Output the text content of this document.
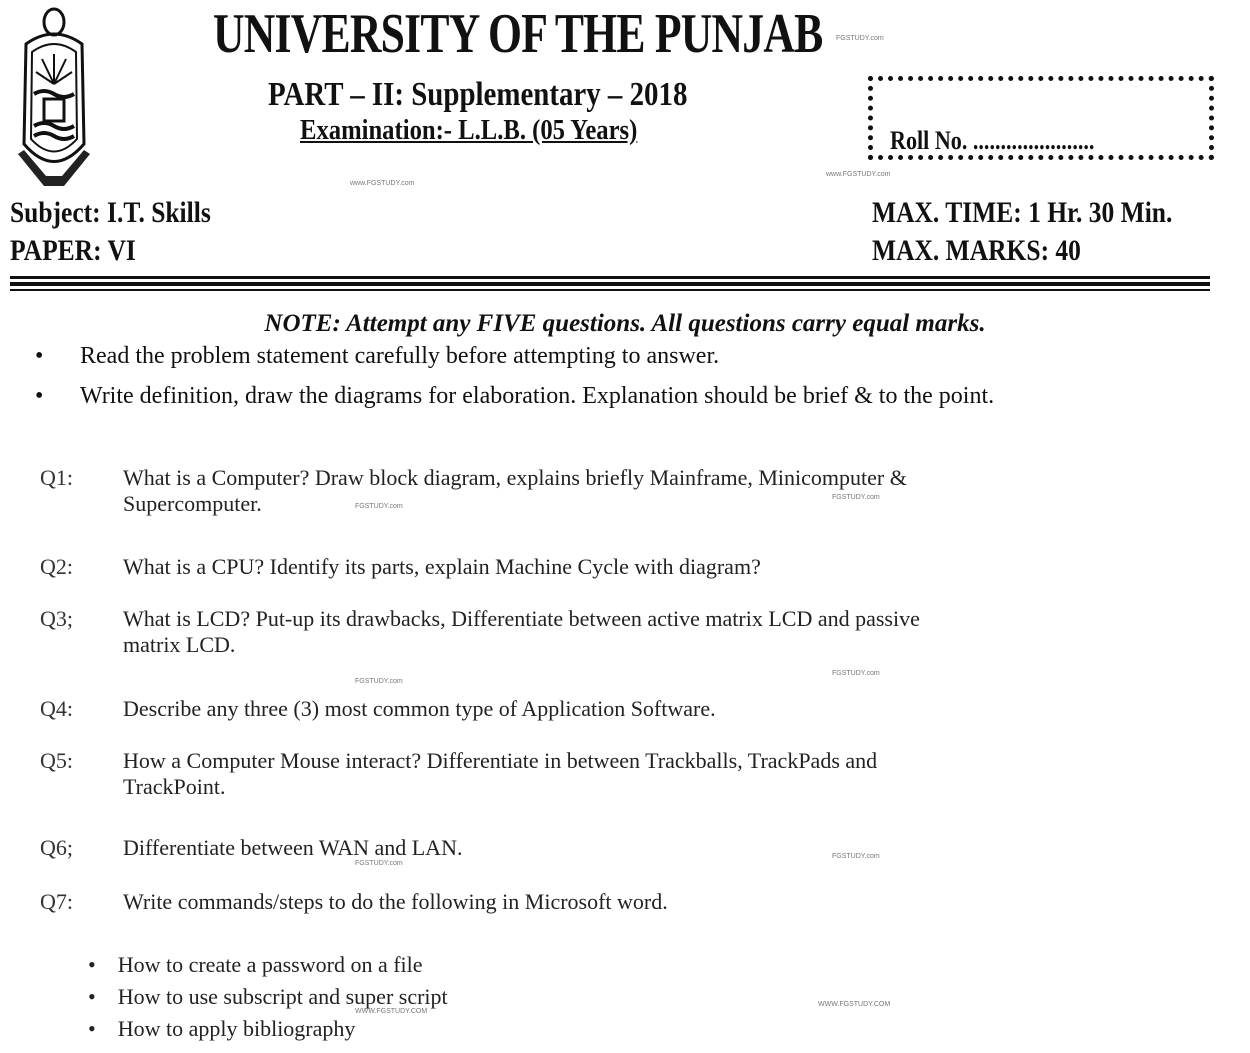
UNIVERSITY OF THE PUNJAB FGSTUDY.com
PART – II: Supplementary – 2018
Examination:- L.L.B. (05 Years)
www.FGSTUDY.com
Roll No. ......................
www.FGSTUDY.com
Subject: I.T. Skills
PAPER: VI
MAX. TIME: 1 Hr. 30 Min.
MAX. MARKS: 40
NOTE: Attempt any FIVE questions. All questions carry equal marks.
• Read the problem statement carefully before attempting to answer.
• Write definition, draw the diagrams for elaboration. Explanation should be brief & to the point.
Q1: What is a Computer? Draw block diagram, explains briefly Mainframe, Minicomputer &
Supercomputer.	FGSTUDY.com
FGSTUDY.com
Q2: What is a CPU? Identify its parts, explain Machine Cycle with diagram?
Q3; What is LCD? Put-up its drawbacks, Differentiate between active matrix LCD and passive
matrix LCD.
FGSTUDY.com
FGSTUDY.com
Q4: Describe any three (3) most common type of Application Software.
Q5: How a Computer Mouse interact? Differentiate in between Trackballs, TrackPads and
TrackPoint.
Q6; Differentiate between WAN and LAN.
FGSTUDY.com
FGSTUDY.com
Q7: Write commands/steps to do the following in Microsoft word.
•    How to create a password on a file
•    How to use subscript and super script
WWW.FGSTUDY.COM
WWW.FGSTUDY.COM
•    How to apply bibliography
